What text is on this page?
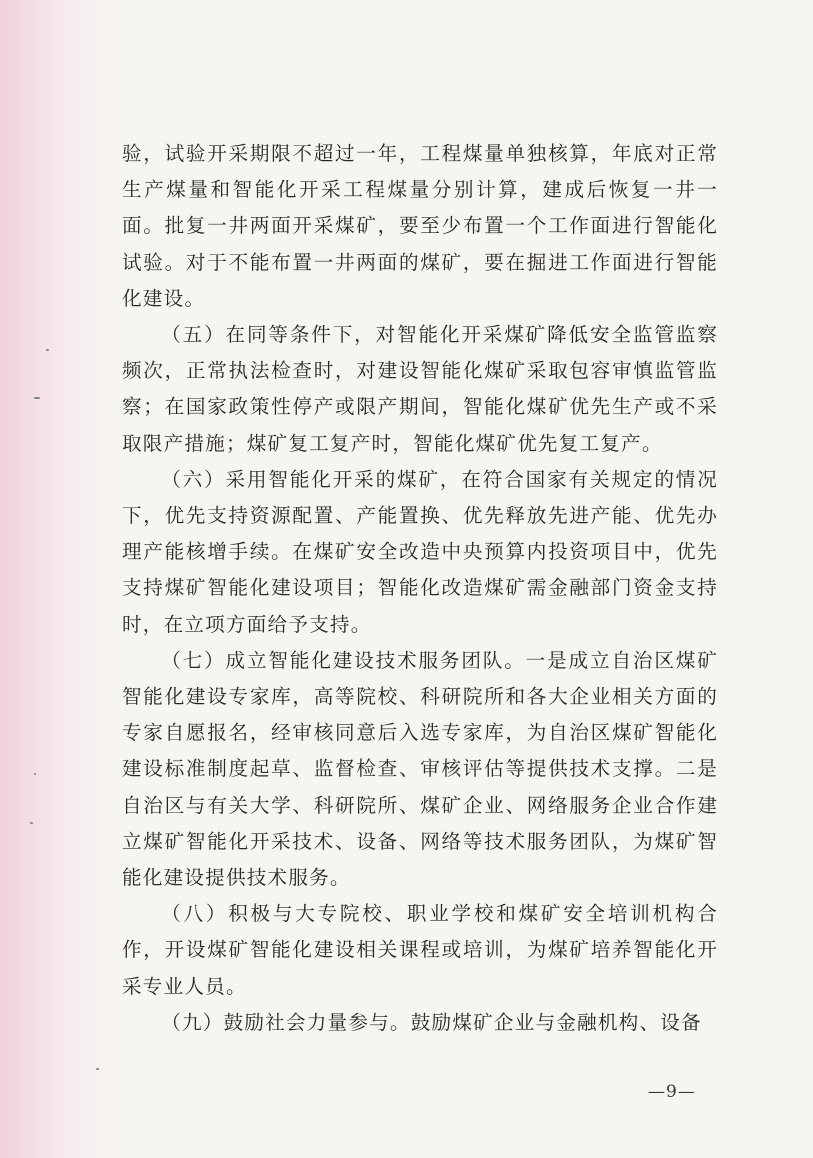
验，试验开采期限不超过一年，工程煤量单独核算，年底对正常生产煤量和智能化开采工程煤量分别计算，建成后恢复一井一面。批复一井两面开采煤矿，要至少布置一个工作面进行智能化试验。对于不能布置一井两面的煤矿，要在掘进工作面进行智能化建设。

（五）在同等条件下，对智能化开采煤矿降低安全监管监察频次，正常执法检查时，对建设智能化煤矿采取包容审慎监管监察；在国家政策性停产或限产期间，智能化煤矿优先生产或不采取限产措施；煤矿复工复产时，智能化煤矿优先复工复产。

（六）采用智能化开采的煤矿，在符合国家有关规定的情况下，优先支持资源配置、产能置换、优先释放先进产能、优先办理产能核增手续。在煤矿安全改造中央预算内投资项目中，优先支持煤矿智能化建设项目；智能化改造煤矿需金融部门资金支持时，在立项方面给予支持。

（七）成立智能化建设技术服务团队。一是成立自治区煤矿智能化建设专家库，高等院校、科研院所和各大企业相关方面的专家自愿报名，经审核同意后入选专家库，为自治区煤矿智能化建设标准制度起草、监督检查、审核评估等提供技术支撑。二是自治区与有关大学、科研院所、煤矿企业、网络服务企业合作建立煤矿智能化开采技术、设备、网络等技术服务团队，为煤矿智能化建设提供技术服务。

（八）积极与大专院校、职业学校和煤矿安全培训机构合作，开设煤矿智能化建设相关课程或培训，为煤矿培养智能化开采专业人员。

（九）鼓励社会力量参与。鼓励煤矿企业与金融机构、设备

—9—
